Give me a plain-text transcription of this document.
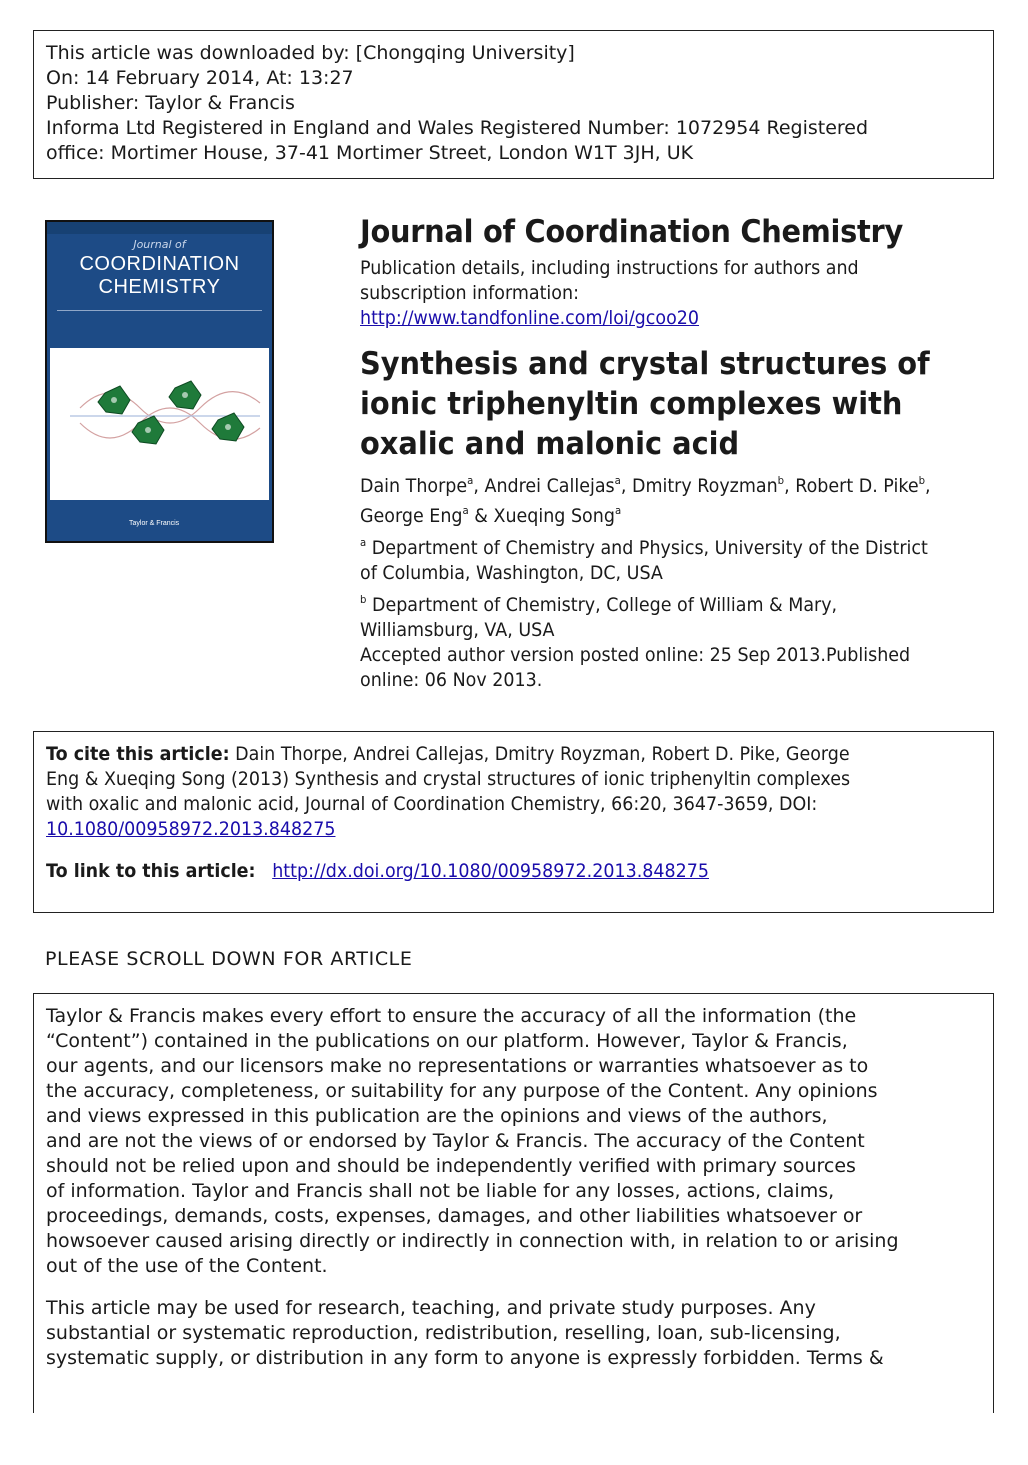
This article was downloaded by: [Chongqing University]
On: 14 February 2014, At: 13:27
Publisher: Taylor & Francis
Informa Ltd Registered in England and Wales Registered Number: 1072954 Registered
office: Mortimer House, 37-41 Mortimer Street, London W1T 3JH, UK
Journal of
COORDINATION
CHEMISTRY

Taylor & Francis
Journal of Coordination Chemistry
Publication details, including instructions for authors and
subscription information:
http://www.tandfonline.com/loi/gcoo20
Synthesis and crystal structures of ionic triphenyltin complexes with oxalic and malonic acid
Dain Thorpe$^a$, Andrei Callejas$^a$, Dmitry Royzman$^b$, Robert D. Pike$^b$,
George Eng$^a$ & Xueqing Song$^a$
$^a$ Department of Chemistry and Physics, University of the District
of Columbia, Washington, DC, USA
$^b$ Department of Chemistry, College of William & Mary,
Williamsburg, VA, USA
Accepted author version posted online: 25 Sep 2013.Published
online: 06 Nov 2013.
To cite this article: Dain Thorpe, Andrei Callejas, Dmitry Royzman, Robert D. Pike, George
Eng & Xueqing Song (2013) Synthesis and crystal structures of ionic triphenyltin complexes
with oxalic and malonic acid, Journal of Coordination Chemistry, 66:20, 3647-3659, DOI:
10.1080/00958972.2013.848275
To link to this article: http://dx.doi.org/10.1080/00958972.2013.848275
PLEASE SCROLL DOWN FOR ARTICLE
Taylor & Francis makes every effort to ensure the accuracy of all the information (the
“Content”) contained in the publications on our platform. However, Taylor & Francis,
our agents, and our licensors make no representations or warranties whatsoever as to
the accuracy, completeness, or suitability for any purpose of the Content. Any opinions
and views expressed in this publication are the opinions and views of the authors,
and are not the views of or endorsed by Taylor & Francis. The accuracy of the Content
should not be relied upon and should be independently verified with primary sources
of information. Taylor and Francis shall not be liable for any losses, actions, claims,
proceedings, demands, costs, expenses, damages, and other liabilities whatsoever or
howsoever caused arising directly or indirectly in connection with, in relation to or arising
out of the use of the Content.
This article may be used for research, teaching, and private study purposes. Any
substantial or systematic reproduction, redistribution, reselling, loan, sub-licensing,
systematic supply, or distribution in any form to anyone is expressly forbidden. Terms &
